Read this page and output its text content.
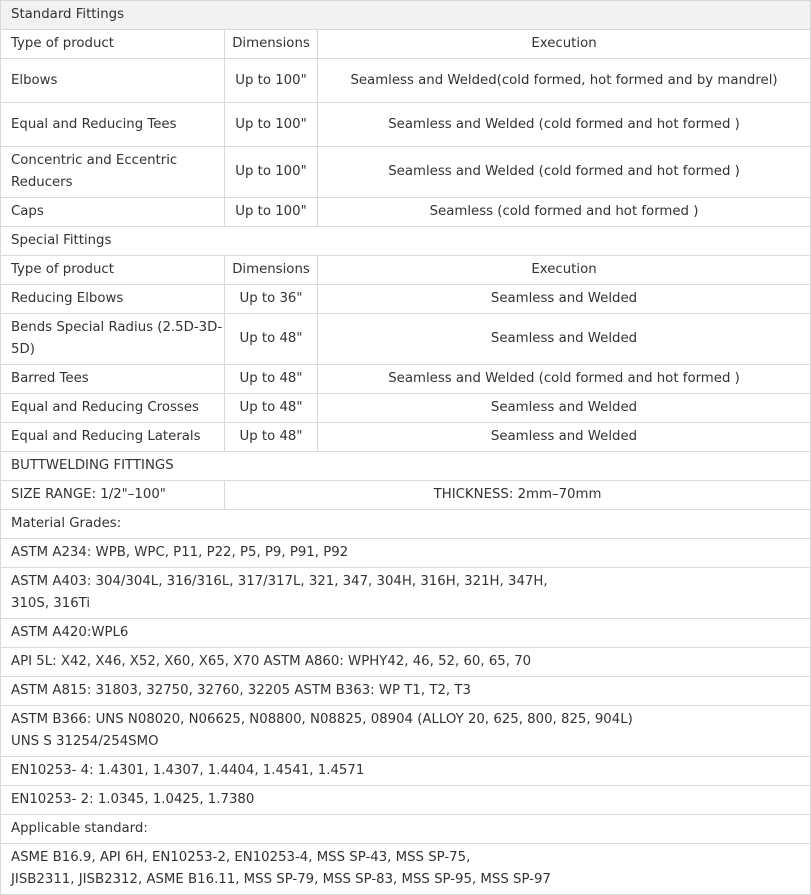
Standard Fittings		
Type of product	Dimensions	Execution
Elbows	Up to 100"	Seamless and Welded(cold formed, hot formed and by mandrel)
Equal and Reducing Tees	Up to 100"	Seamless and Welded (cold formed and hot formed )

Concentric and Eccentric
Reducers	Up to 100"	Seamless and Welded (cold formed and hot formed )
Caps	Up to 100"	Seamless (cold formed and hot formed )
Special Fittings		
Type of product	Dimensions	Execution
Reducing Elbows	Up to 36"	Seamless and Welded

Bends Special Radius (2.5D-3D-
5D)	Up to 48"	Seamless and Welded
Barred Tees	Up to 48"	Seamless and Welded (cold formed and hot formed )
Equal and Reducing Crosses	Up to 48"	Seamless and Welded
Equal and Reducing Laterals	Up to 48"	Seamless and Welded
BUTTWELDING FITTINGS		
SIZE RANGE: 1/2"–100"	THICKNESS: 2mm–70mm	
Material Grades:		
ASTM A234: WPB, WPC, P11, P22, P5, P9, P91, P92		

ASTM A403: 304/304L, 316/316L, 317/317L, 321, 347, 304H, 316H, 321H, 347H,
310S, 316Ti		

ASTM A420:WPL6		
API 5L: X42, X46, X52, X60, X65, X70 ASTM A860: WPHY42, 46, 52, 60, 65, 70		
ASTM A815: 31803, 32750, 32760, 32205 ASTM B363: WP T1, T2, T3		

ASTM B366: UNS N08020, N06625, N08800, N08825, 08904 (ALLOY 20, 625, 800, 825, 904L)
UNS S 31254/254SMO		

EN10253- 4: 1.4301, 1.4307, 1.4404, 1.4541, 1.4571		
EN10253- 2: 1.0345, 1.0425, 1.7380		
Applicable standard:		

ASME B16.9, API 6H, EN10253-2, EN10253-4, MSS SP-43, MSS SP-75,
JISB2311, JISB2312, ASME B16.11, MSS SP-79, MSS SP-83, MSS SP-95, MSS SP-97		
